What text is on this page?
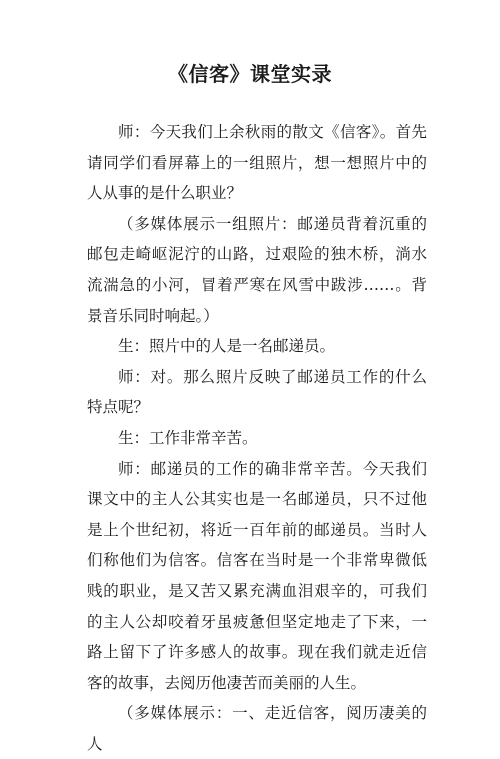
《信客》课堂实录

师：今天我们上余秋雨的散文《信客》。首先请同学们看屏幕上的一组照片，想一想照片中的人从事的是什么职业？

（多媒体展示一组照片：邮递员背着沉重的邮包走崎岖泥泞的山路，过艰险的独木桥，淌水流湍急的小河，冒着严寒在风雪中跋涉……。背景音乐同时响起。）

生：照片中的人是一名邮递员。

师：对。那么照片反映了邮递员工作的什么特点呢？

生：工作非常辛苦。

师：邮递员的工作的确非常辛苦。今天我们课文中的主人公其实也是一名邮递员，只不过他是上个世纪初，将近一百年前的邮递员。当时人们称他们为信客。信客在当时是一个非常卑微低贱的职业，是又苦又累充满血泪艰辛的，可我们的主人公却咬着牙虽疲惫但坚定地走了下来，一路上留下了许多感人的故事。现在我们就走近信客的故事，去阅历他凄苦而美丽的人生。

（多媒体展示：一、走近信客，阅历凄美的人
